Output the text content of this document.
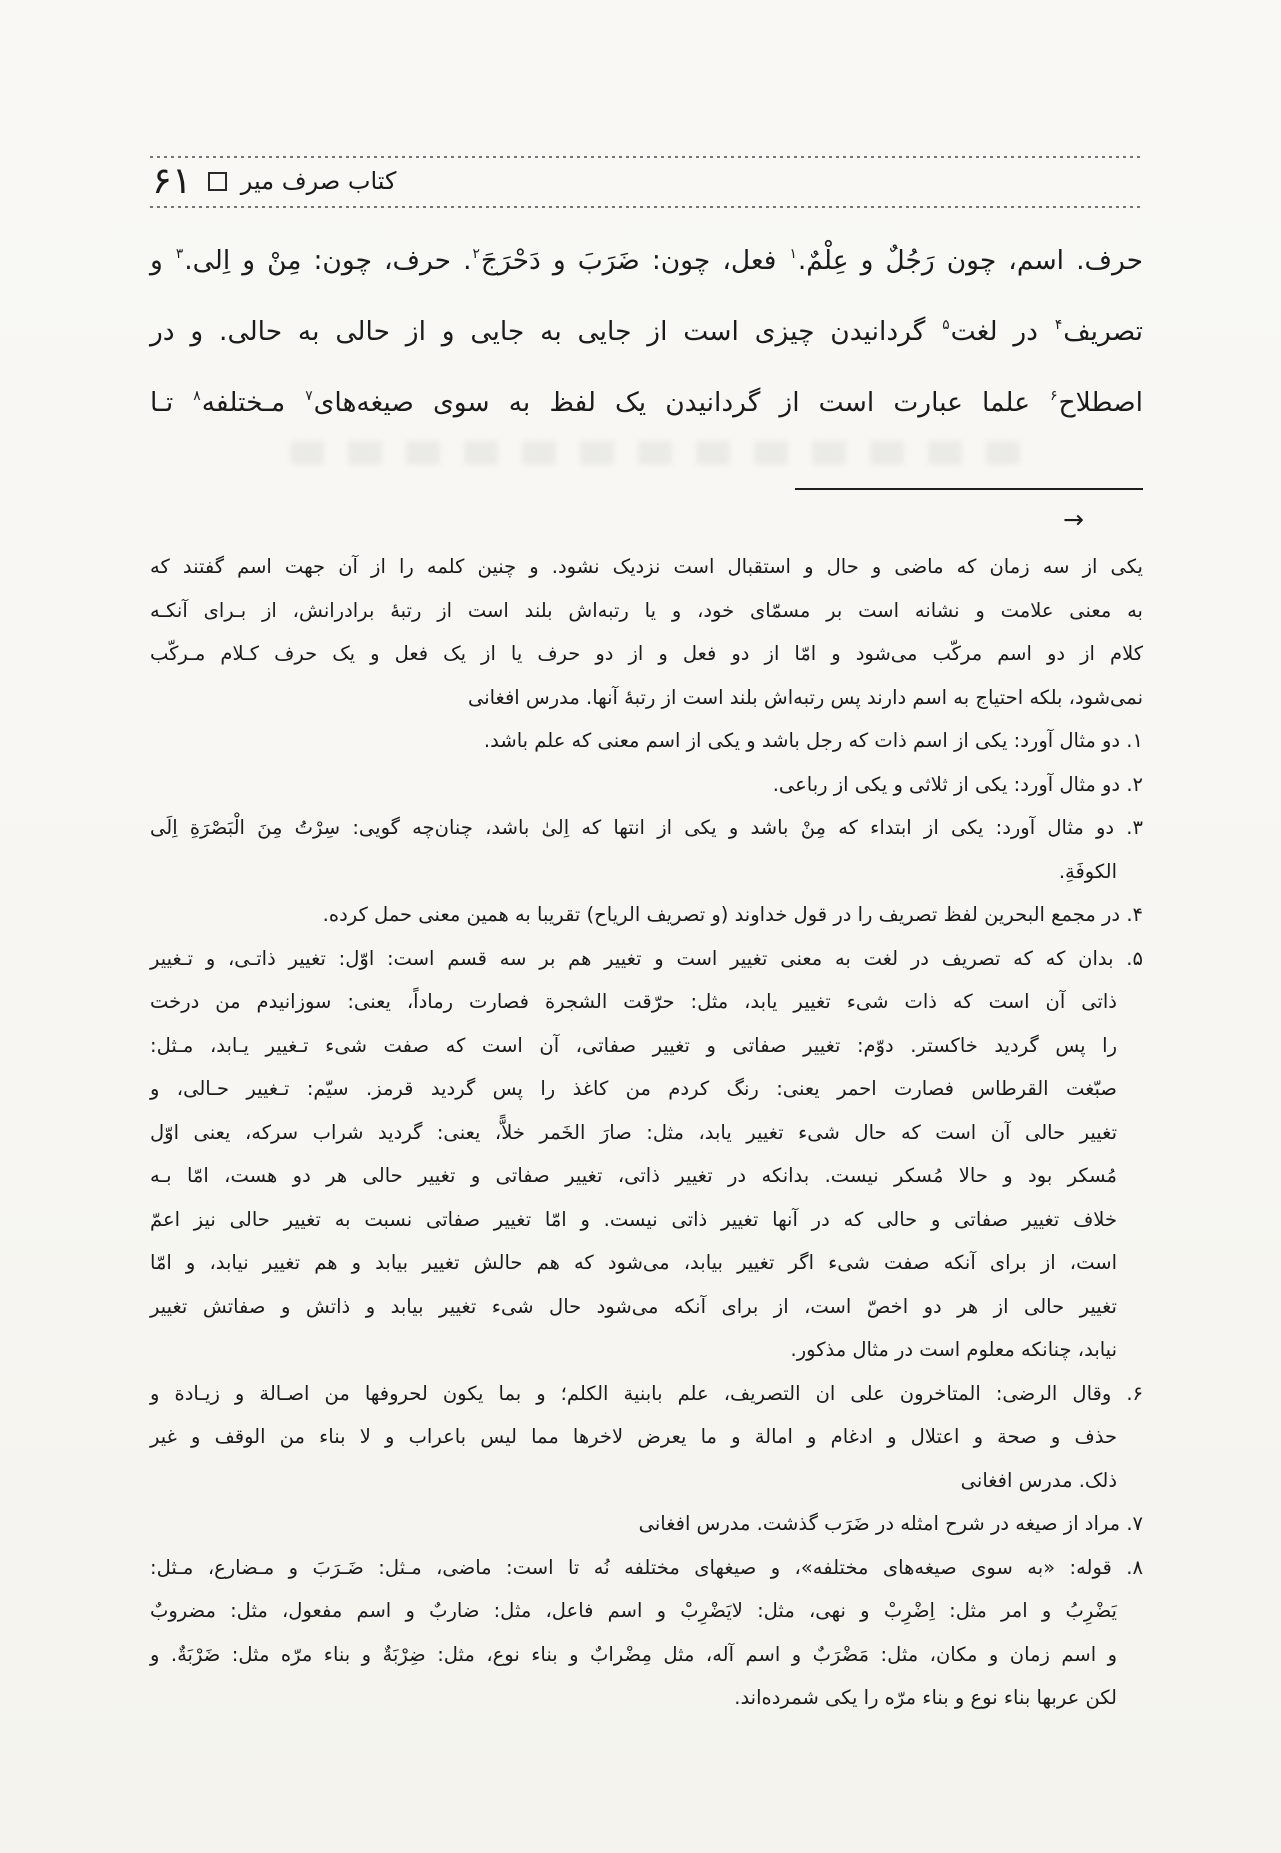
۶۱ کتاب صرف میر
حرف. اسم، چون رَجُلٌ و عِلْمٌ.$^۱$ فعل، چون: ضَرَبَ و دَحْرَجَ$^۲$. حرف، چون: مِنْ و اِلی.$^۳$ و
تصریف$^۴$ در لغت$^۵$ گردانیدن چیزی است از جایی به جایی و از حالی به حالی. و در
اصطلاح$^۶$ علما عبارت است از گردانیدن یک لفظ به سوی صیغه‌های$^۷$ مـختلفه$^۸$ تـا
→
یکی از سه زمان که ماضی و حال و استقبال است نزدیک نشود. و چنین کلمه را از آن جهت اسم گفتند که
به معنی علامت و نشانه است بر مسمّای خود، و یا رتبه‌اش بلند است از رتبهٔ برادرانش، از بـرای آنکـه
کلام از دو اسم مرکّب می‌شود و امّا از دو فعل و از دو حرف یا از یک فعل و یک حرف کـلام مـرکّب
نمی‌شود، بلکه احتیاج به اسم دارند پس رتبه‌اش بلند است از رتبهٔ آنها. مدرس افغانی
۱. دو مثال آورد: یکی از اسم ذات که رجل باشد و یکی از اسم معنی که علم باشد.
۲. دو مثال آورد: یکی از ثلاثی و یکی از رباعی.
۳. دو مثال آورد: یکی از ابتداء که مِنْ باشد و یکی از انتها که اِلیٰ باشد، چنان‌چه گویی: سِرْتُ مِنَ الْبَصْرَةِ اِلَی
الکوفَةِ.
۴. در مجمع البحرین لفظ تصریف را در قول خداوند (و تصریف الریاح) تقریبا به همین معنی حمل کرده.
۵. بدان که که تصریف در لغت به معنی تغییر است و تغییر هم بر سه قسم است: اوّل: تغییر ذاتـی، و تـغییر
ذاتی آن است که ذات شیء تغییر یابد، مثل: حرّقت الشجرة فصارت رماداً، یعنی: سوزانیدم من درخت
را پس گردید خاکستر. دوّم: تغییر صفاتی و تغییر صفاتی، آن است که صفت شیء تـغییر یـابد، مـثل:
صبّغت القرطاس فصارت احمر یعنی: رنگ کردم من کاغذ را پس گردید قرمز. سیّم: تـغییر حـالی، و
تغییر حالی آن است که حال شیء تغییر یابد، مثل: صارَ الخَمر خلاًّ، یعنی: گردید شراب سرکه، یعنی اوّل
مُسکر بود و حالا مُسکر نیست. بدانکه در تغییر ذاتی، تغییر صفاتی و تغییر حالی هر دو هست، امّا بـه
خلاف تغییر صفاتی و حالی که در آنها تغییر ذاتی نیست. و امّا تغییر صفاتی نسبت به تغییر حالی نیز اعمّ
است، از برای آنکه صفت شیء اگر تغییر بیابد، می‌شود که هم حالش تغییر بیابد و هم تغییر نیابد، و امّا
تغییر حالی از هر دو اخصّ است، از برای آنکه می‌شود حال شیء تغییر بیابد و ذاتش و صفاتش تغییر
نیابد، چنانکه معلوم است در مثال مذکور.
۶. وقال الرضی: المتاخرون علی ان التصریف، علم بابنیة الکلم؛ و بما یکون لحروفها من اصـالة و زیـادة و
حذف و صحة و اعتلال و ادغام و امالة و ما یعرض لاخرها مما لیس باعراب و لا بناء من الوقف و غیر
ذلک. مدرس افغانی
۷. مراد از صیغه در شرح امثله در ضَرَب گذشت. مدرس افغانی
۸. قوله: «به سوی صیغه‌های مختلفه»، و صیغهای مختلفه نُه تا است: ماضی، مـثل: ضَـرَبَ و مـضارع، مـثل:
یَضْرِبُ و امر مثل: اِضْرِبْ و نهی، مثل: لایَضْرِبْ و اسم فاعل، مثل: ضاربٌ و اسم مفعول، مثل: مضروبٌ
و اسم زمان و مکان، مثل: مَضْرَبٌ و اسم آله، مثل مِضْرابٌ و بناء نوع، مثل: ضِرْبَةٌ و بناء مرّه مثل: ضَرْبَةٌ. و
لکن عربها بناء نوع و بناء مرّه را یکی شمرده‌اند.
